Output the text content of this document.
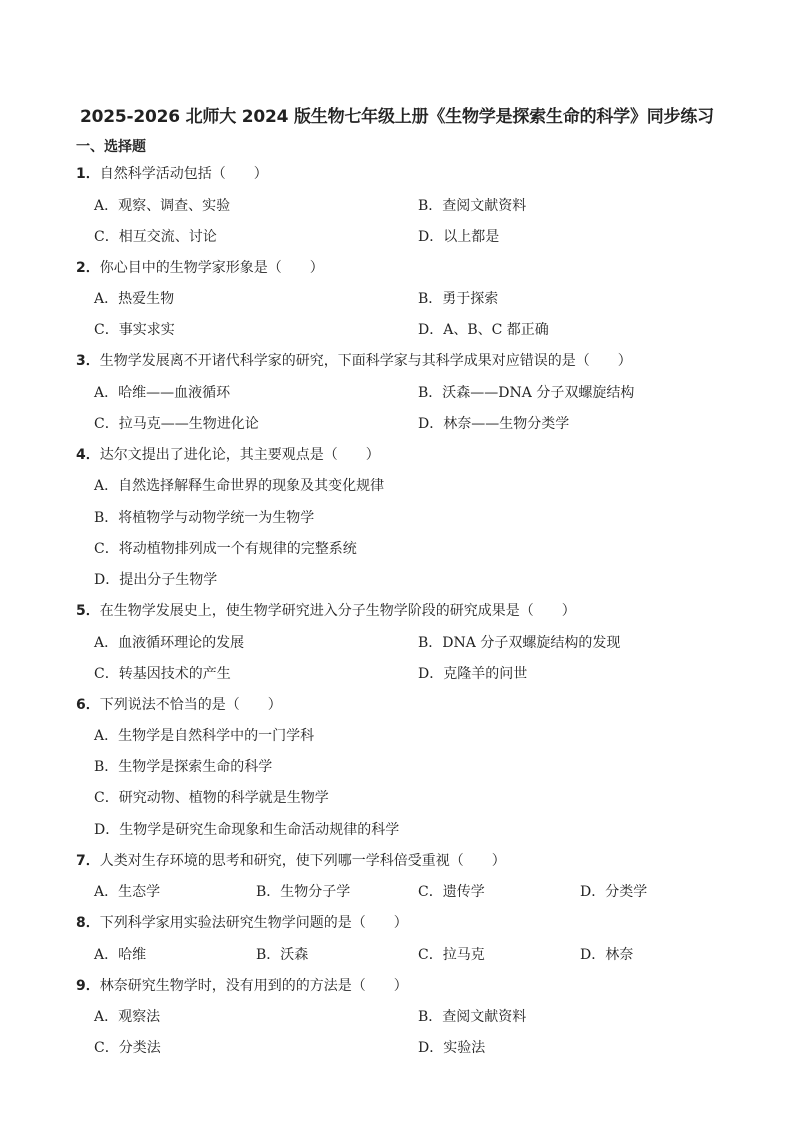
2025-2026 北师大 2024 版生物七年级上册《生物学是探索生命的科学》同步练习
一、选择题
1．自然科学活动包括（　　）
A．观察、调查、实验	B．查阅文献资料
C．相互交流、讨论	D．以上都是
2．你心目中的生物学家形象是（　　）
A．热爱生物	B．勇于探索
C．事实求实	D．A、B、C 都正确
3．生物学发展离不开诸代科学家的研究，下面科学家与其科学成果对应错误的是（　　）
A．哈维——血液循环	B．沃森——DNA 分子双螺旋结构
C．拉马克——生物进化论	D．林奈——生物分类学
4．达尔文提出了进化论，其主要观点是（　　）
A．自然选择解释生命世界的现象及其变化规律
B．将植物学与动物学统一为生物学
C．将动植物排列成一个有规律的完整系统
D．提出分子生物学
5．在生物学发展史上，使生物学研究进入分子生物学阶段的研究成果是（　　）
A．血液循环理论的发展	B．DNA 分子双螺旋结构的发现
C．转基因技术的产生	D．克隆羊的问世
6．下列说法不恰当的是（　　）
A．生物学是自然科学中的一门学科
B．生物学是探索生命的科学
C．研究动物、植物的科学就是生物学
D．生物学是研究生命现象和生命活动规律的科学
7．人类对生存环境的思考和研究，使下列哪一学科倍受重视（　　）
A．生态学	B．生物分子学	C．遗传学	D．分类学
8．下列科学家用实验法研究生物学问题的是（　　）
A．哈维	B．沃森	C．拉马克	D．林奈
9．林奈研究生物学时，没有用到的的方法是（　　）
A．观察法	B．查阅文献资料
C．分类法	D．实验法
